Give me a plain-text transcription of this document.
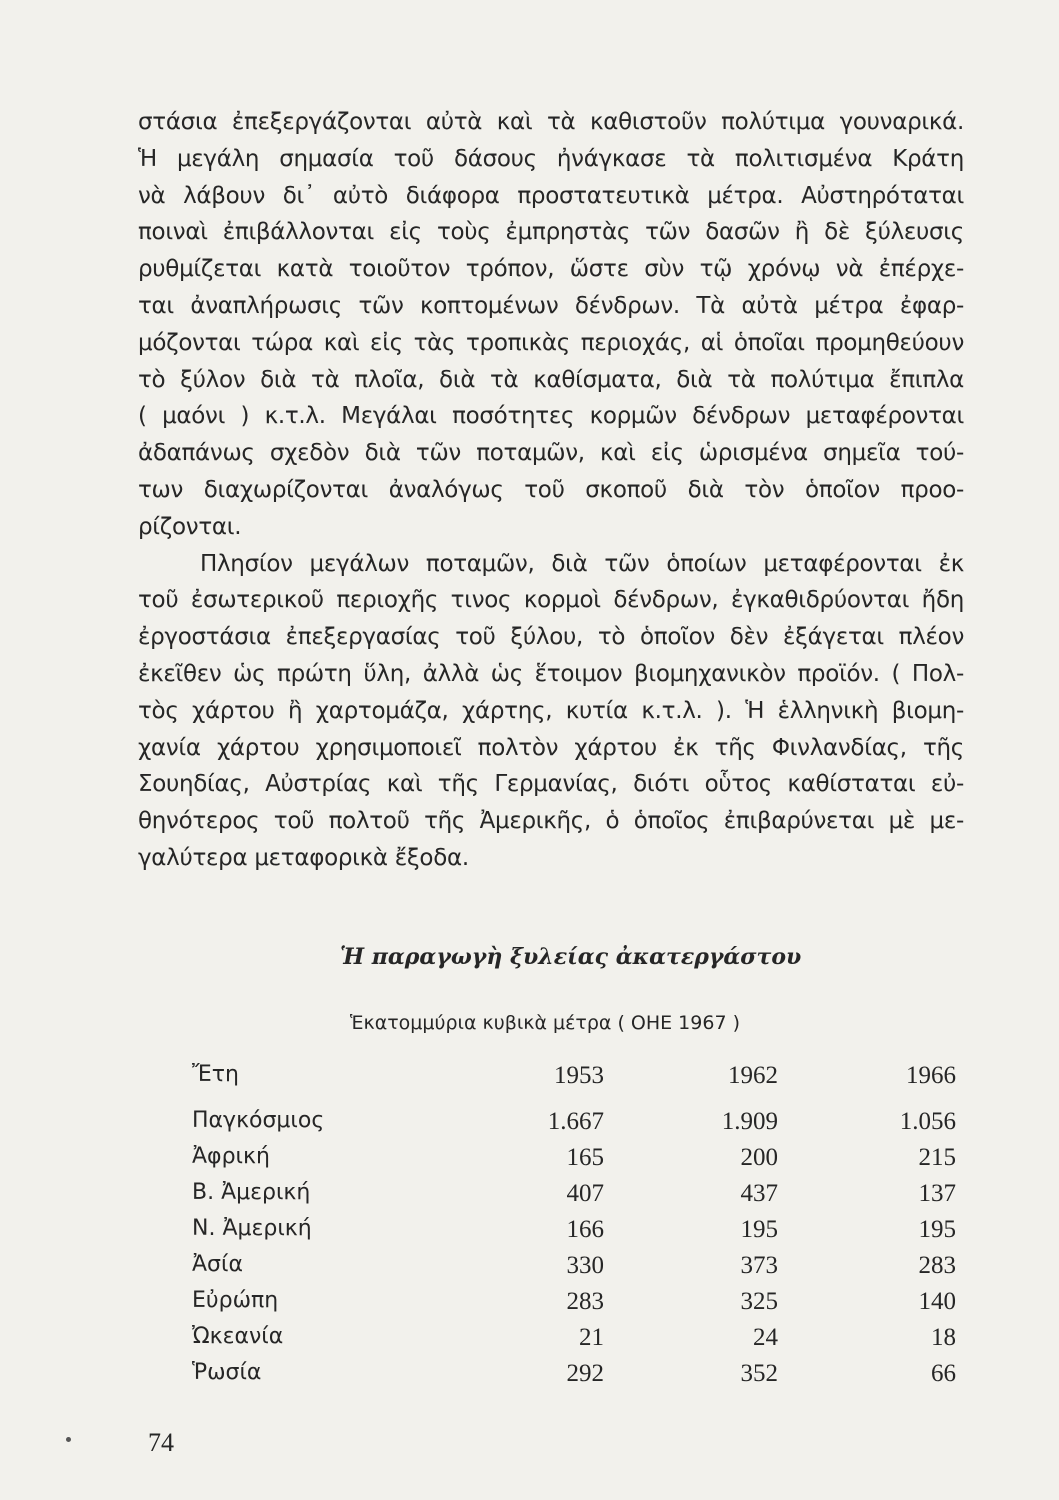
στάσια ἐπεξεργάζονται αὐτὰ καὶ τὰ καθιστοῦν πολύτιμα γουναρικά.
Ἡ μεγάλη σημασία τοῦ δάσους ἠνάγκασε τὰ πολιτισμένα Κράτη
νὰ λάβουν δι᾽ αὐτὸ διάφορα προστατευτικὰ μέτρα. Αὐστηρόταται
ποιναὶ ἐπιβάλλονται εἰς τοὺς ἐμπρηστὰς τῶν δασῶν ἢ δὲ ξύλευσις
ρυθμίζεται κατὰ τοιοῦτον τρόπον, ὥστε σὺν τῷ χρόνῳ νὰ ἐπέρχε-
ται ἀναπλήρωσις τῶν κοπτομένων δένδρων. Τὰ αὐτὰ μέτρα ἐφαρ-
μόζονται τώρα καὶ εἰς τὰς τροπικὰς περιοχάς, αἱ ὁποῖαι προμηθεύουν
τὸ ξύλον διὰ τὰ πλοῖα, διὰ τὰ καθίσματα, διὰ τὰ πολύτιμα ἔπιπλα
( μαόνι ) κ.τ.λ. Μεγάλαι ποσότητες κορμῶν δένδρων μεταφέρονται
ἀδαπάνως σχεδὸν διὰ τῶν ποταμῶν, καὶ εἰς ὡρισμένα σημεῖα τού-
των διαχωρίζονται ἀναλόγως τοῦ σκοποῦ διὰ τὸν ὁποῖον προο-
ρίζονται.
Πλησίον μεγάλων ποταμῶν, διὰ τῶν ὁποίων μεταφέρονται ἐκ
τοῦ ἐσωτερικοῦ περιοχῆς τινος κορμοὶ δένδρων, ἐγκαθιδρύονται ἤδη
ἐργοστάσια ἐπεξεργασίας τοῦ ξύλου, τὸ ὁποῖον δὲν ἐξάγεται πλέον
ἐκεῖθεν ὡς πρώτη ὕλη, ἀλλὰ ὡς ἕτοιμον βιομηχανικὸν προϊόν. ( Πολ-
τὸς χάρτου ἢ χαρτομάζα, χάρτης, κυτία κ.τ.λ. ). Ἡ ἑλληνικὴ βιομη-
χανία χάρτου χρησιμοποιεῖ πολτὸν χάρτου ἐκ τῆς Φινλανδίας, τῆς
Σουηδίας, Αὐστρίας καὶ τῆς Γερμανίας, διότι οὗτος καθίσταται εὐ-
θηνότερος τοῦ πολτοῦ τῆς Ἀμερικῆς, ὁ ὁποῖος ἐπιβαρύνεται μὲ με-
γαλύτερα μεταφορικὰ ἔξοδα.
Ἡ παραγωγὴ ξυλείας ἀκατεργάστου
Ἑκατομμύρια κυβικὰ μέτρα ( ΟΗΕ 1967 )
Ἔτη	1953	1962	1966
Παγκόσμιος	1.667	1.909	1.056
Ἀφρική	165	200	215
Β. Ἀμερική	407	437	137
Ν. Ἀμερική	166	195	195
Ἀσία	330	373	283
Εὐρώπη	283	325	140
Ὠκεανία	21	24	18
Ῥωσία	292	352	66
74
